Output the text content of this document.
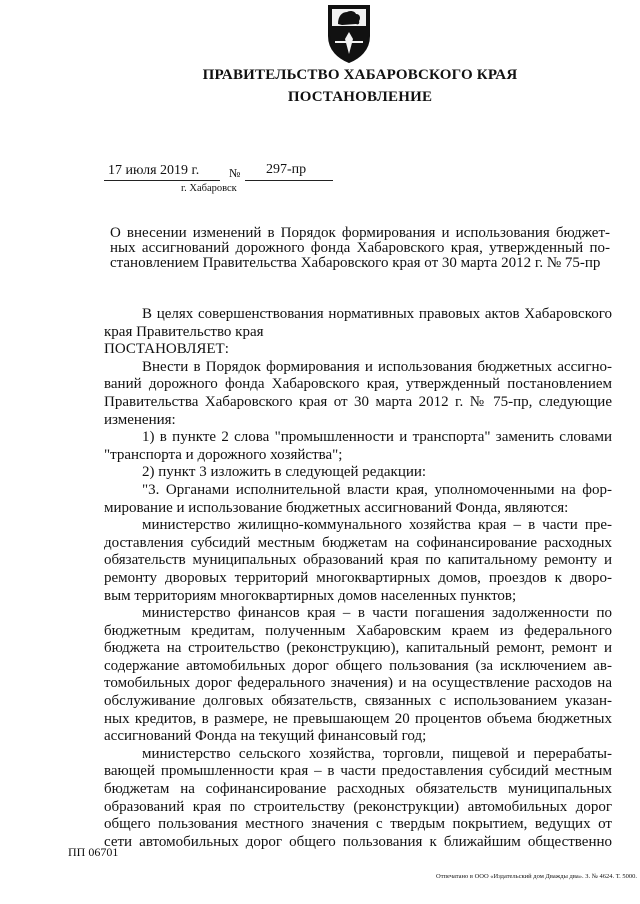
ПРАВИТЕЛЬСТВО ХАБАРОВСКОГО КРАЯ
ПОСТАНОВЛЕНИЕ
17 июля 2019 г. № 297-пр
г. Хабаровск
О внесении изменений в Порядок формирования и использования бюджет-
ных ассигнований дорожного фонда Хабаровского края, утвержденный по-
становлением Правительства Хабаровского края от 30 марта 2012 г. № 75-пр
В целях совершенствования нормативных правовых актов Хабаровского
края Правительство края
ПОСТАНОВЛЯЕТ:
Внести в Порядок формирования и использования бюджетных ассигно-
ваний дорожного фонда Хабаровского края, утвержденный постановлением
Правительства Хабаровского края от 30 марта 2012 г. № 75-пр, следующие
изменения:
1) в пункте 2 слова "промышленности и транспорта" заменить словами
"транспорта и дорожного хозяйства";
2) пункт 3 изложить в следующей редакции:
"3. Органами исполнительной власти края, уполномоченными на фор-
мирование и использование бюджетных ассигнований Фонда, являются:
министерство жилищно-коммунального хозяйства края – в части пре-
доставления субсидий местным бюджетам на софинансирование расходных
обязательств муниципальных образований края по капитальному ремонту и
ремонту дворовых территорий многоквартирных домов, проездов к дворо-
вым территориям многоквартирных домов населенных пунктов;
министерство финансов края – в части погашения задолженности по
бюджетным кредитам, полученным Хабаровским краем из федерального
бюджета на строительство (реконструкцию), капитальный ремонт, ремонт и
содержание автомобильных дорог общего пользования (за исключением ав-
томобильных дорог федерального значения) и на осуществление расходов на
обслуживание долговых обязательств, связанных с использованием указан-
ных кредитов, в размере, не превышающем 20 процентов объема бюджетных
ассигнований Фонда на текущий финансовый год;
министерство сельского хозяйства, торговли, пищевой и перерабаты-
вающей промышленности края – в части предоставления субсидий местным
бюджетам на софинансирование расходных обязательств муниципальных
образований края по строительству (реконструкции) автомобильных дорог
общего пользования местного значения с твердым покрытием, ведущих от
сети автомобильных дорог общего пользования к ближайшим общественно
ПП 06701
Отпечатано в ООО «Издательский дом Дважды два». З. № 4624. Т. 5000.
